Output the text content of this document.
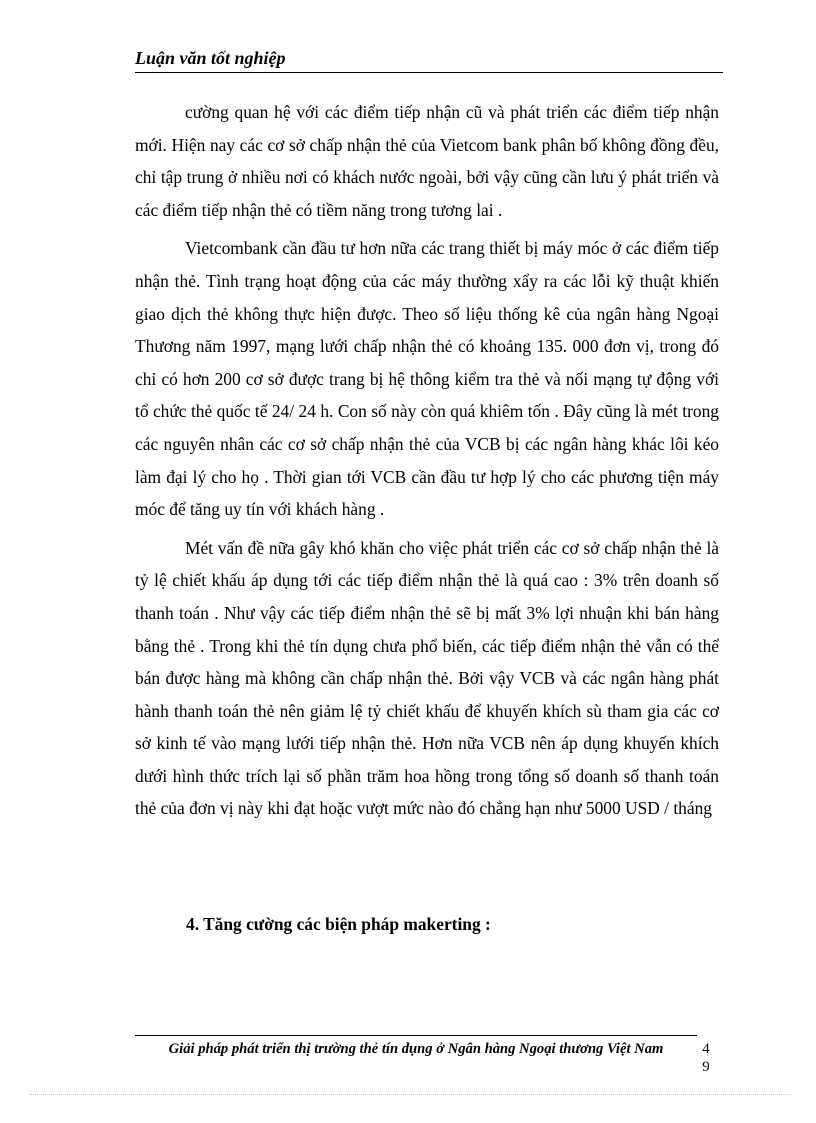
Luận văn tốt nghiệp

cường quan hệ với các điểm tiếp nhận cũ và phát triển các điểm tiếp nhận mới. Hiện nay các cơ sở chấp nhận thẻ của Vietcom bank phân bố không đồng đều, chỉ tập trung ở nhiều nơi có khách nước ngoài, bởi vậy cũng cần lưu ý phát triển và các điểm tiếp nhận thẻ có tiềm năng trong tương lai .

Vietcombank cần đầu tư hơn nữa các trang thiết bị máy móc ở các điểm tiếp nhận thẻ. Tình trạng hoạt động của các máy thường xẩy ra các lỗi kỹ thuật khiến giao dịch thẻ không thực hiện được. Theo số liệu thống kê của ngân hàng Ngoại Thương năm 1997, mạng lưới chấp nhận thẻ có khoảng 135. 000 đơn vị, trong đó chỉ có hơn 200 cơ sở được trang bị hệ thông kiểm tra thẻ và nối mạng tự động với tổ chức thẻ quốc tế 24/ 24 h. Con số này còn quá khiêm tốn . Đây cũng là mét trong các nguyên nhân các cơ sở chấp nhận thẻ của VCB bị các ngân hàng khác lôi kéo làm đại lý cho họ . Thời gian tới VCB cần đầu tư hợp lý cho các phương tiện máy móc để tăng uy tín với khách hàng .

Mét vấn đề nữa gây khó khăn cho việc phát triển các cơ sở chấp nhận thẻ là tỷ lệ chiết khấu áp dụng tới các tiếp điểm nhận thẻ là quá cao : 3% trên doanh số thanh toán . Như vậy các tiếp điểm nhận thẻ sẽ bị mất 3% lợi nhuận khi bán hàng bằng thẻ . Trong khi thẻ tín dụng chưa phổ biến, các tiếp điểm nhận thẻ vẫn có thể bán được hàng mà không cần chấp nhận thẻ. Bởi vậy VCB và các ngân hàng phát hành thanh toán thẻ nên giảm lệ tỷ chiết khấu để khuyến khích sù tham gia các cơ sở kinh tế vào mạng lưới tiếp nhận thẻ. Hơn nữa VCB nên áp dụng khuyến khích dưới hình thức trích lại số phần trăm hoa hồng trong tổng số doanh số thanh toán thẻ của đơn vị này khi đạt hoặc vượt mức nào đó chẳng hạn như 5000 USD / tháng

4. Tăng cường các biện pháp makerting :
Giải pháp phát triển thị trường thẻ tín dụng ở Ngân hàng Ngoại thương Việt Nam	49
